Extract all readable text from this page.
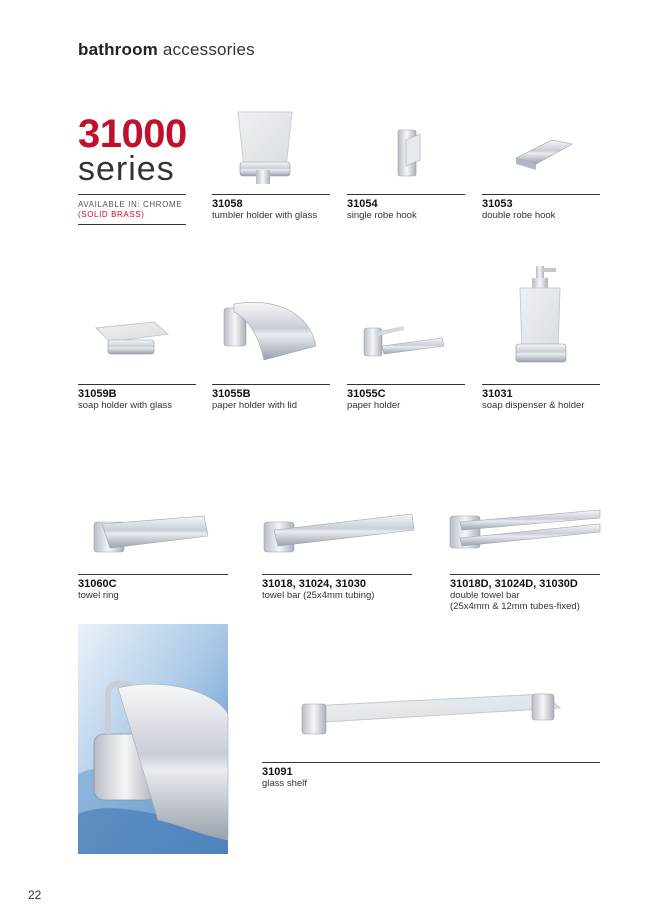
bathroom accessories
31000
series
AVAILABLE IN: CHROME
(SOLID BRASS)
31058
tumbler holder with glass
31054
single robe hook
31053
double robe hook
31059B
soap holder with glass
31055B
paper holder with lid
31055C
paper holder
31031
soap dispenser & holder
31060C
towel ring
31018, 31024, 31030
towel bar (25x4mm tubing)
31018D, 31024D, 31030D
double towel bar
(25x4mm & 12mm tubes-fixed)
31091
glass shelf
22
